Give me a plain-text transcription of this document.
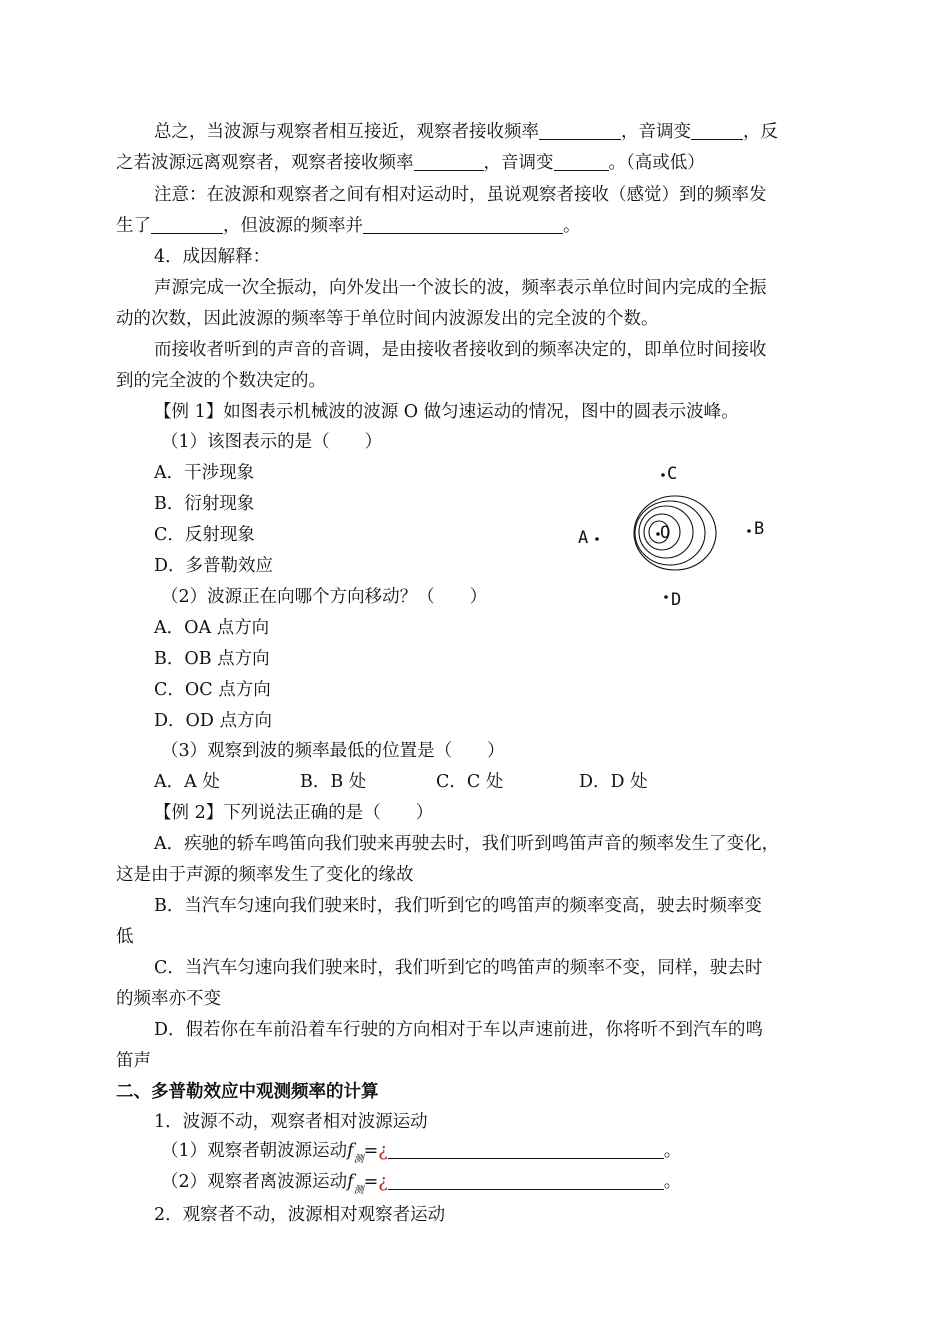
总之，当波源与观察者相互接近，观察者接收频率	，音调变	，反
之若波源远离观察者，观察者接收频率	，音调变	。（高或低）
注意：在波源和观察者之间有相对运动时，虽说观察者接收（感觉）到的频率发
生了	，但波源的频率并	。
4．成因解释：
声源完成一次全振动，向外发出一个波长的波，频率表示单位时间内完成的全振
动的次数，因此波源的频率等于单位时间内波源发出的完全波的个数。
而接收者听到的声音的音调，是由接收者接收到的频率决定的，即单位时间接收
到的完全波的个数决定的。
【例 1】如图表示机械波的波源 O 做匀速运动的情况，图中的圆表示波峰。
（1）该图表示的是（　　）
A．干涉现象
B．衍射现象
C．反射现象
D．多普勒效应
（2）波源正在向哪个方向移动？（　　）
A．OA 点方向
B．OB 点方向
C．OC 点方向
D．OD 点方向
（3）观察到波的频率最低的位置是（　　）
A．A 处	B．B 处	C．C 处	D．D 处
O
A	B
C
D
【例 2】下列说法正确的是（　　）
A．疾驰的轿车鸣笛向我们驶来再驶去时，我们听到鸣笛声音的频率发生了变化，
这是由于声源的频率发生了变化的缘故
B．当汽车匀速向我们驶来时，我们听到它的鸣笛声的频率变高，驶去时频率变
低
C．当汽车匀速向我们驶来时，我们听到它的鸣笛声的频率不变，同样，驶去时
的频率亦不变
D．假若你在车前沿着车行驶的方向相对于车以声速前进，你将听不到汽车的鸣
笛声
二、多普勒效应中观测频率的计算
1．波源不动，观察者相对波源运动
（1）观察者朝波源运动$f_测=¿$	。
（2）观察者离波源运动$f_测=¿$	。
2．观察者不动，波源相对观察者运动
